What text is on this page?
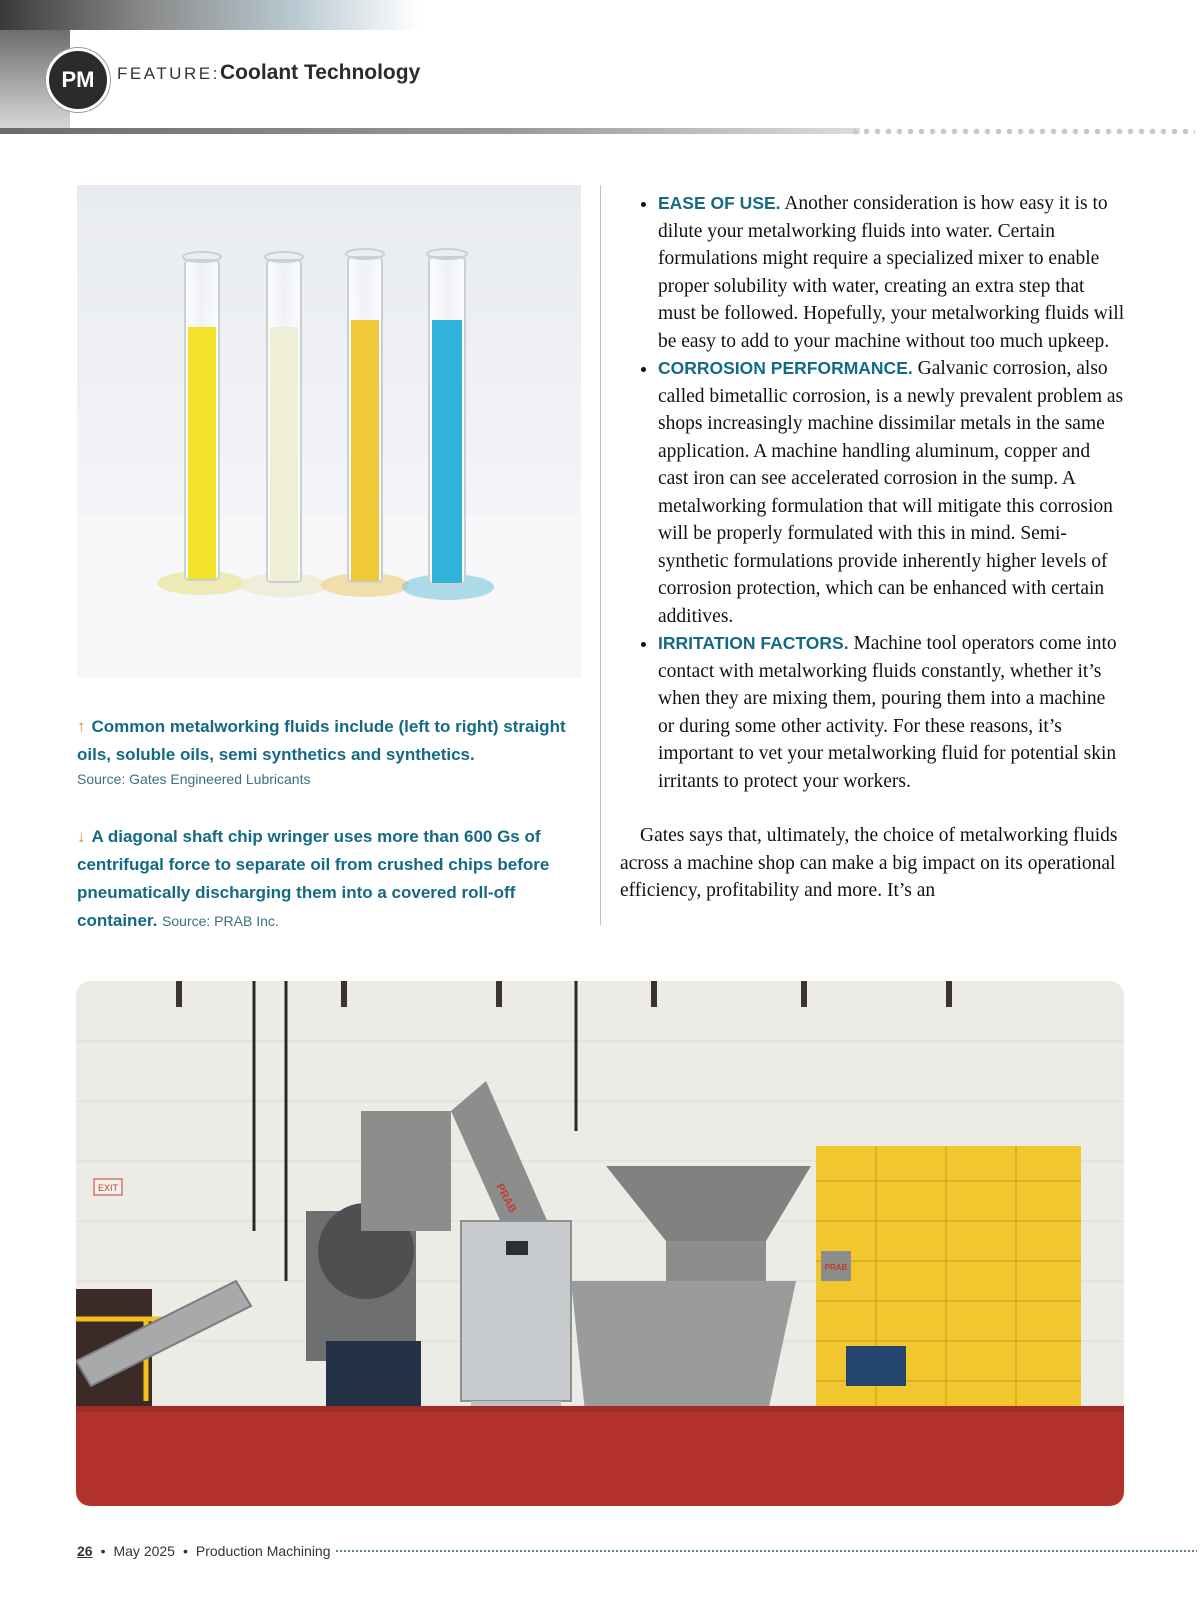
PM FEATURE: Coolant Technology
↑ Common metalworking fluids include (left to right) straight oils, soluble oils, semi synthetics and synthetics.
Source: Gates Engineered Lubricants
↓ A diagonal shaft chip wringer uses more than 600 Gs of centrifugal force to separate oil from crushed chips before pneumatically discharging them into a covered roll-off container. Source: PRAB Inc.
• EASE OF USE. Another consideration is how easy it is to dilute your metalworking fluids into water. Certain formulations might require a specialized mixer to enable proper solubility with water, creating an extra step that must be followed. Hopefully, your metalworking fluids will be easy to add to your machine without too much upkeep.
• CORROSION PERFORMANCE. Galvanic corrosion, also called bimetallic corrosion, is a newly prevalent problem as shops increasingly machine dissimilar metals in the same application. A machine handling aluminum, copper and cast iron can see accelerated corrosion in the sump. A metalworking formulation that will mitigate this corrosion will be properly formulated with this in mind. Semi-synthetic formulations provide inherently higher levels of corrosion protection, which can be enhanced with certain additives.
• IRRITATION FACTORS. Machine tool operators come into contact with metalworking fluids constantly, whether it’s when they are mixing them, pouring them into a machine or during some other activity. For these reasons, it’s important to vet your metalworking fluid for potential skin irritants to protect your workers.

Gates says that, ultimately, the choice of metalworking fluids across a machine shop can make a big impact on its operational efficiency, profitability and more. It’s an

EXIT	PRAB
PRAB
26 • May 2025 • Production Machining
